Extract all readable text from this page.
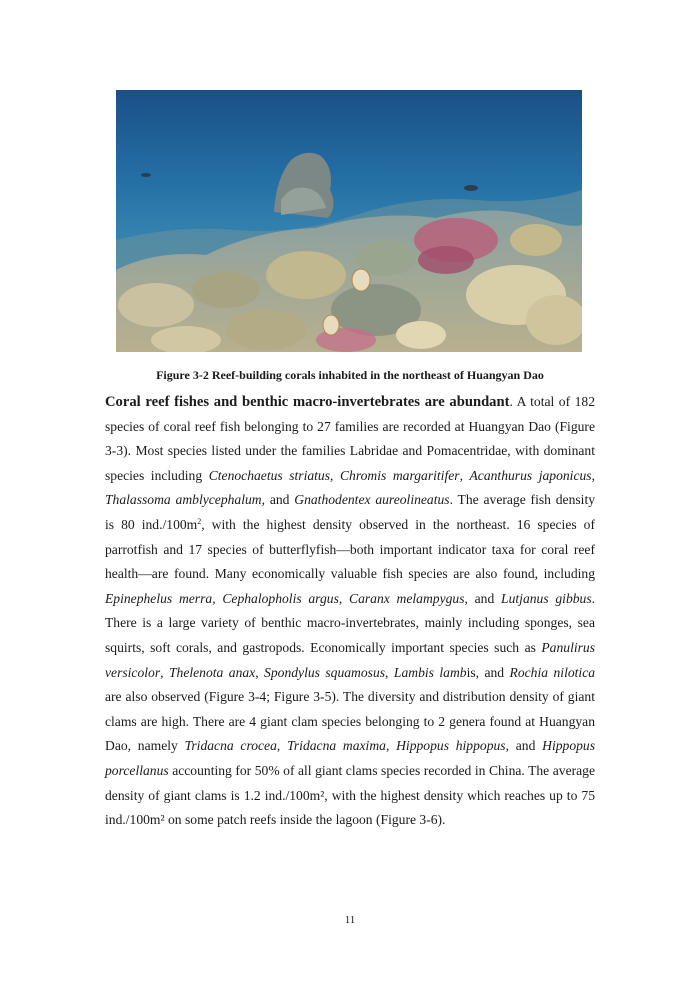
Figure 3-2 Reef-building corals inhabited in the northeast of Huangyan Dao

Coral reef fishes and benthic macro-invertebrates are abundant. A total of 182 species of coral reef fish belonging to 27 families are recorded at Huangyan Dao (Figure 3-3). Most species listed under the families Labridae and Pomacentridae, with dominant species including Ctenochaetus striatus, Chromis margaritifer, Acanthurus japonicus, Thalassoma amblycephalum, and Gnathodentex aureolineatus. The average fish density is 80 $ind./100m^2$, with the highest density observed in the northeast. 16 species of parrotfish and 17 species of butterflyfish—both important indicator taxa for coral reef health—are found. Many economically valuable fish species are also found, including Epinephelus merra, Cephalopholis argus, Caranx melampygus, and Lutjanus gibbus. There is a large variety of benthic macro-invertebrates, mainly including sponges, sea squirts, soft corals, and gastropods. Economically important species such as Panulirus versicolor, Thelenota anax, Spondylus squamosus, Lambis lambis, and Rochia nilotica are also observed (Figure 3-4; Figure 3-5). The diversity and distribution density of giant clams are high. There are 4 giant clam species belonging to 2 genera found at Huangyan Dao, namely Tridacna crocea, Tridacna maxima, Hippopus hippopus, and Hippopus porcellanus accounting for 50% of all giant clams species recorded in China. The average density of giant clams is 1.2 ind./100m², with the highest density which reaches up to 75 ind./100m² on some patch reefs inside the lagoon (Figure 3-6).

11
